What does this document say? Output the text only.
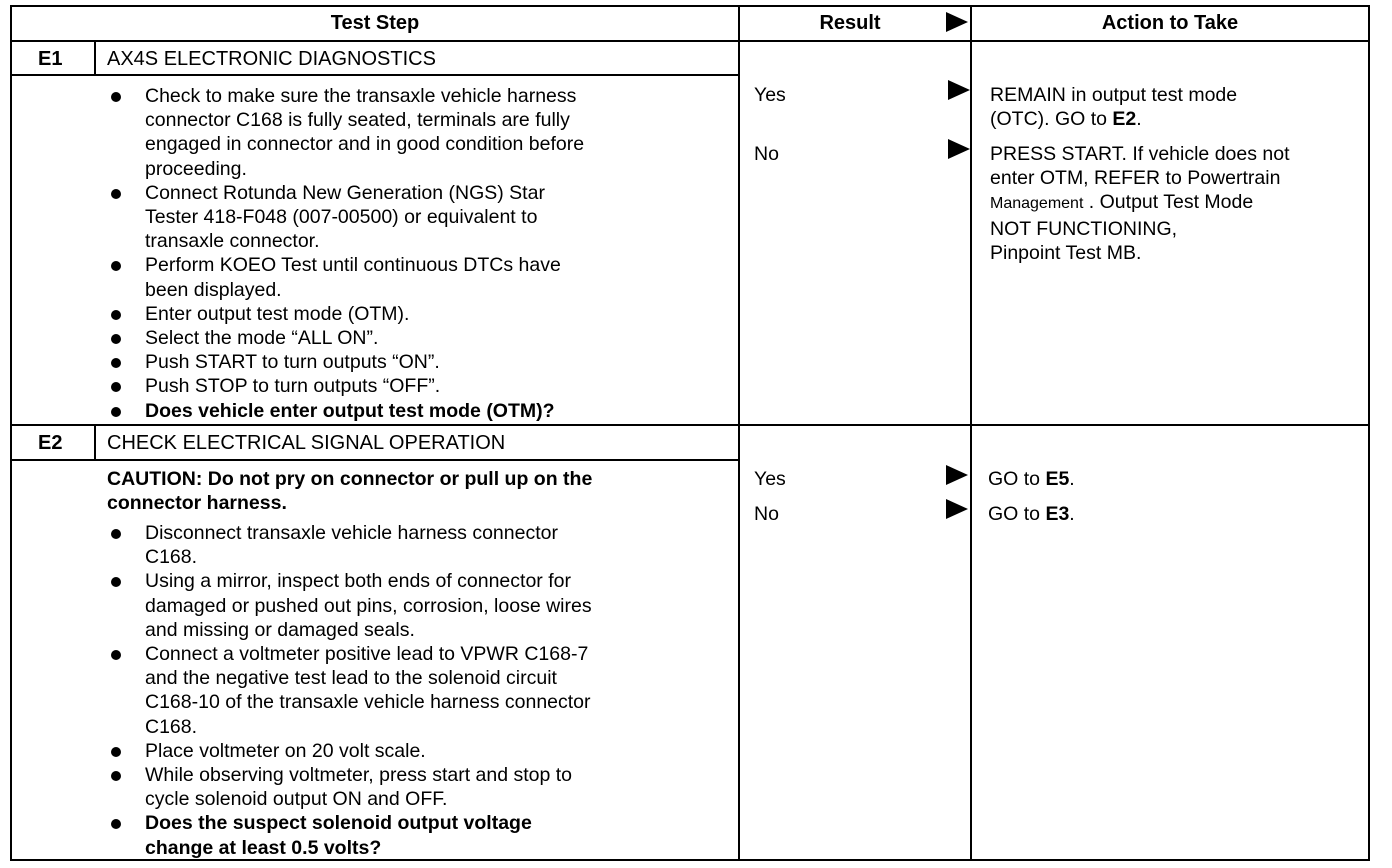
Test Step	Result	Action to Take
E1 AX4S ELECTRONIC DIAGNOSTICS
Check to make sure the transaxle vehicle harness
connector C168 is fully seated, terminals are fully
engaged in connector and in good condition before
proceeding.
Connect Rotunda New Generation (NGS) Star
Tester 418-F048 (007-00500) or equivalent to
transaxle connector.
Perform KOEO Test until continuous DTCs have
been displayed.
Enter output test mode (OTM).
Select the mode “ALL ON”.
Push START to turn outputs “ON”.
Push STOP to turn outputs “OFF”.
Does vehicle enter output test mode (OTM)?
Yes	REMAIN in output test mode
(OTC). GO to E2.
No	PRESS START. If vehicle does not
enter OTM, REFER to Powertrain
Management . Output Test Mode
NOT FUNCTIONING,
Pinpoint Test MB.
E2 CHECK ELECTRICAL SIGNAL OPERATION
CAUTION: Do not pry on connector or pull up on the
connector harness.
Disconnect transaxle vehicle harness connector
C168.
Using a mirror, inspect both ends of connector for
damaged or pushed out pins, corrosion, loose wires
and missing or damaged seals.
Connect a voltmeter positive lead to VPWR C168-7
and the negative test lead to the solenoid circuit
C168-10 of the transaxle vehicle harness connector
C168.
Place voltmeter on 20 volt scale.
While observing voltmeter, press start and stop to
cycle solenoid output ON and OFF.
Does the suspect solenoid output voltage
change at least 0.5 volts?
Yes	GO to E5.
No	GO to E3.
